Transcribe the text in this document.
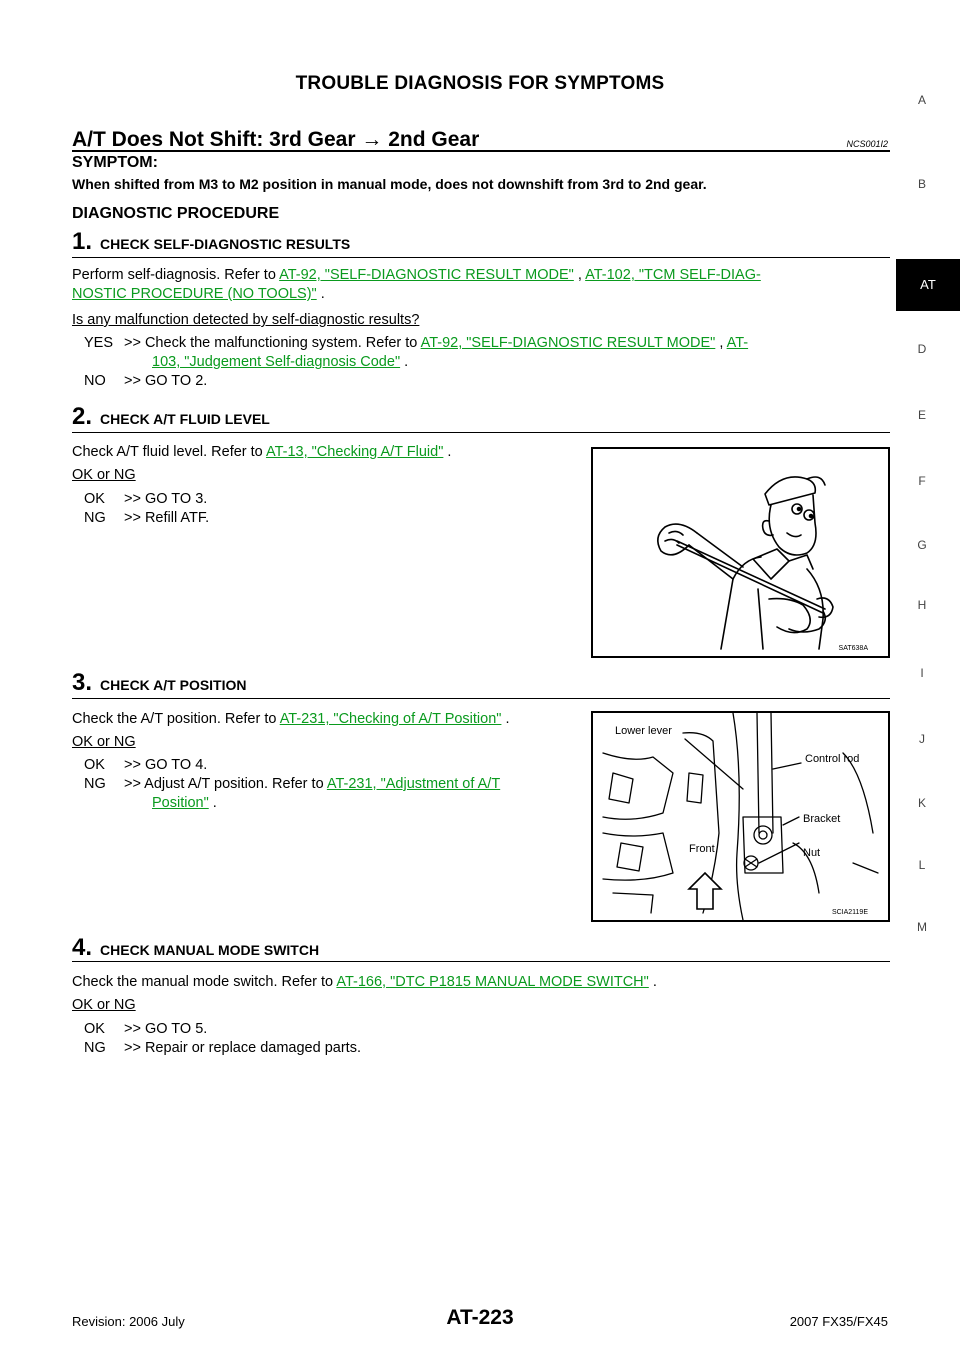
TROUBLE DIAGNOSIS FOR SYMPTOMS
A/T Does Not Shift: 3rd Gear → 2nd Gear	NCS001I2
SYMPTOM:
When shifted from M3 to M2 position in manual mode, does not downshift from 3rd to 2nd gear.
DIAGNOSTIC PROCEDURE
1. CHECK SELF-DIAGNOSTIC RESULTS
Perform self-diagnosis. Refer to AT-92, "SELF-DIAGNOSTIC RESULT MODE" , AT-102, "TCM SELF-DIAG-
NOSTIC PROCEDURE (NO TOOLS)" .
Is any malfunction detected by self-diagnostic results?
YES >> Check the malfunctioning system. Refer to AT-92, "SELF-DIAGNOSTIC RESULT MODE" , AT-
103, "Judgement Self-diagnosis Code" .
NO	>> GO TO 2.
2. CHECK A/T FLUID LEVEL
Check A/T fluid level. Refer to AT-13, "Checking A/T Fluid" .
OK or NG
OK	>> GO TO 3.
NG	>> Refill ATF.
SAT638A
3. CHECK A/T POSITION
Check the A/T position. Refer to AT-231, "Checking of A/T Position" .
OK or NG
OK	>> GO TO 4.
NG	>> Adjust A/T position. Refer to AT-231, "Adjustment of A/T
Position" .
Lower lever
Control rod
Bracket
Nut
Front
SCIA2119E
4. CHECK MANUAL MODE SWITCH
Check the manual mode switch. Refer to AT-166, "DTC P1815 MANUAL MODE SWITCH" .
OK or NG
OK	>> GO TO 5.
NG	>> Repair or replace damaged parts.
A
B
AT
D
E
F
G
H
I
J
K
L
M
Revision: 2006 July	AT-223	2007 FX35/FX45
